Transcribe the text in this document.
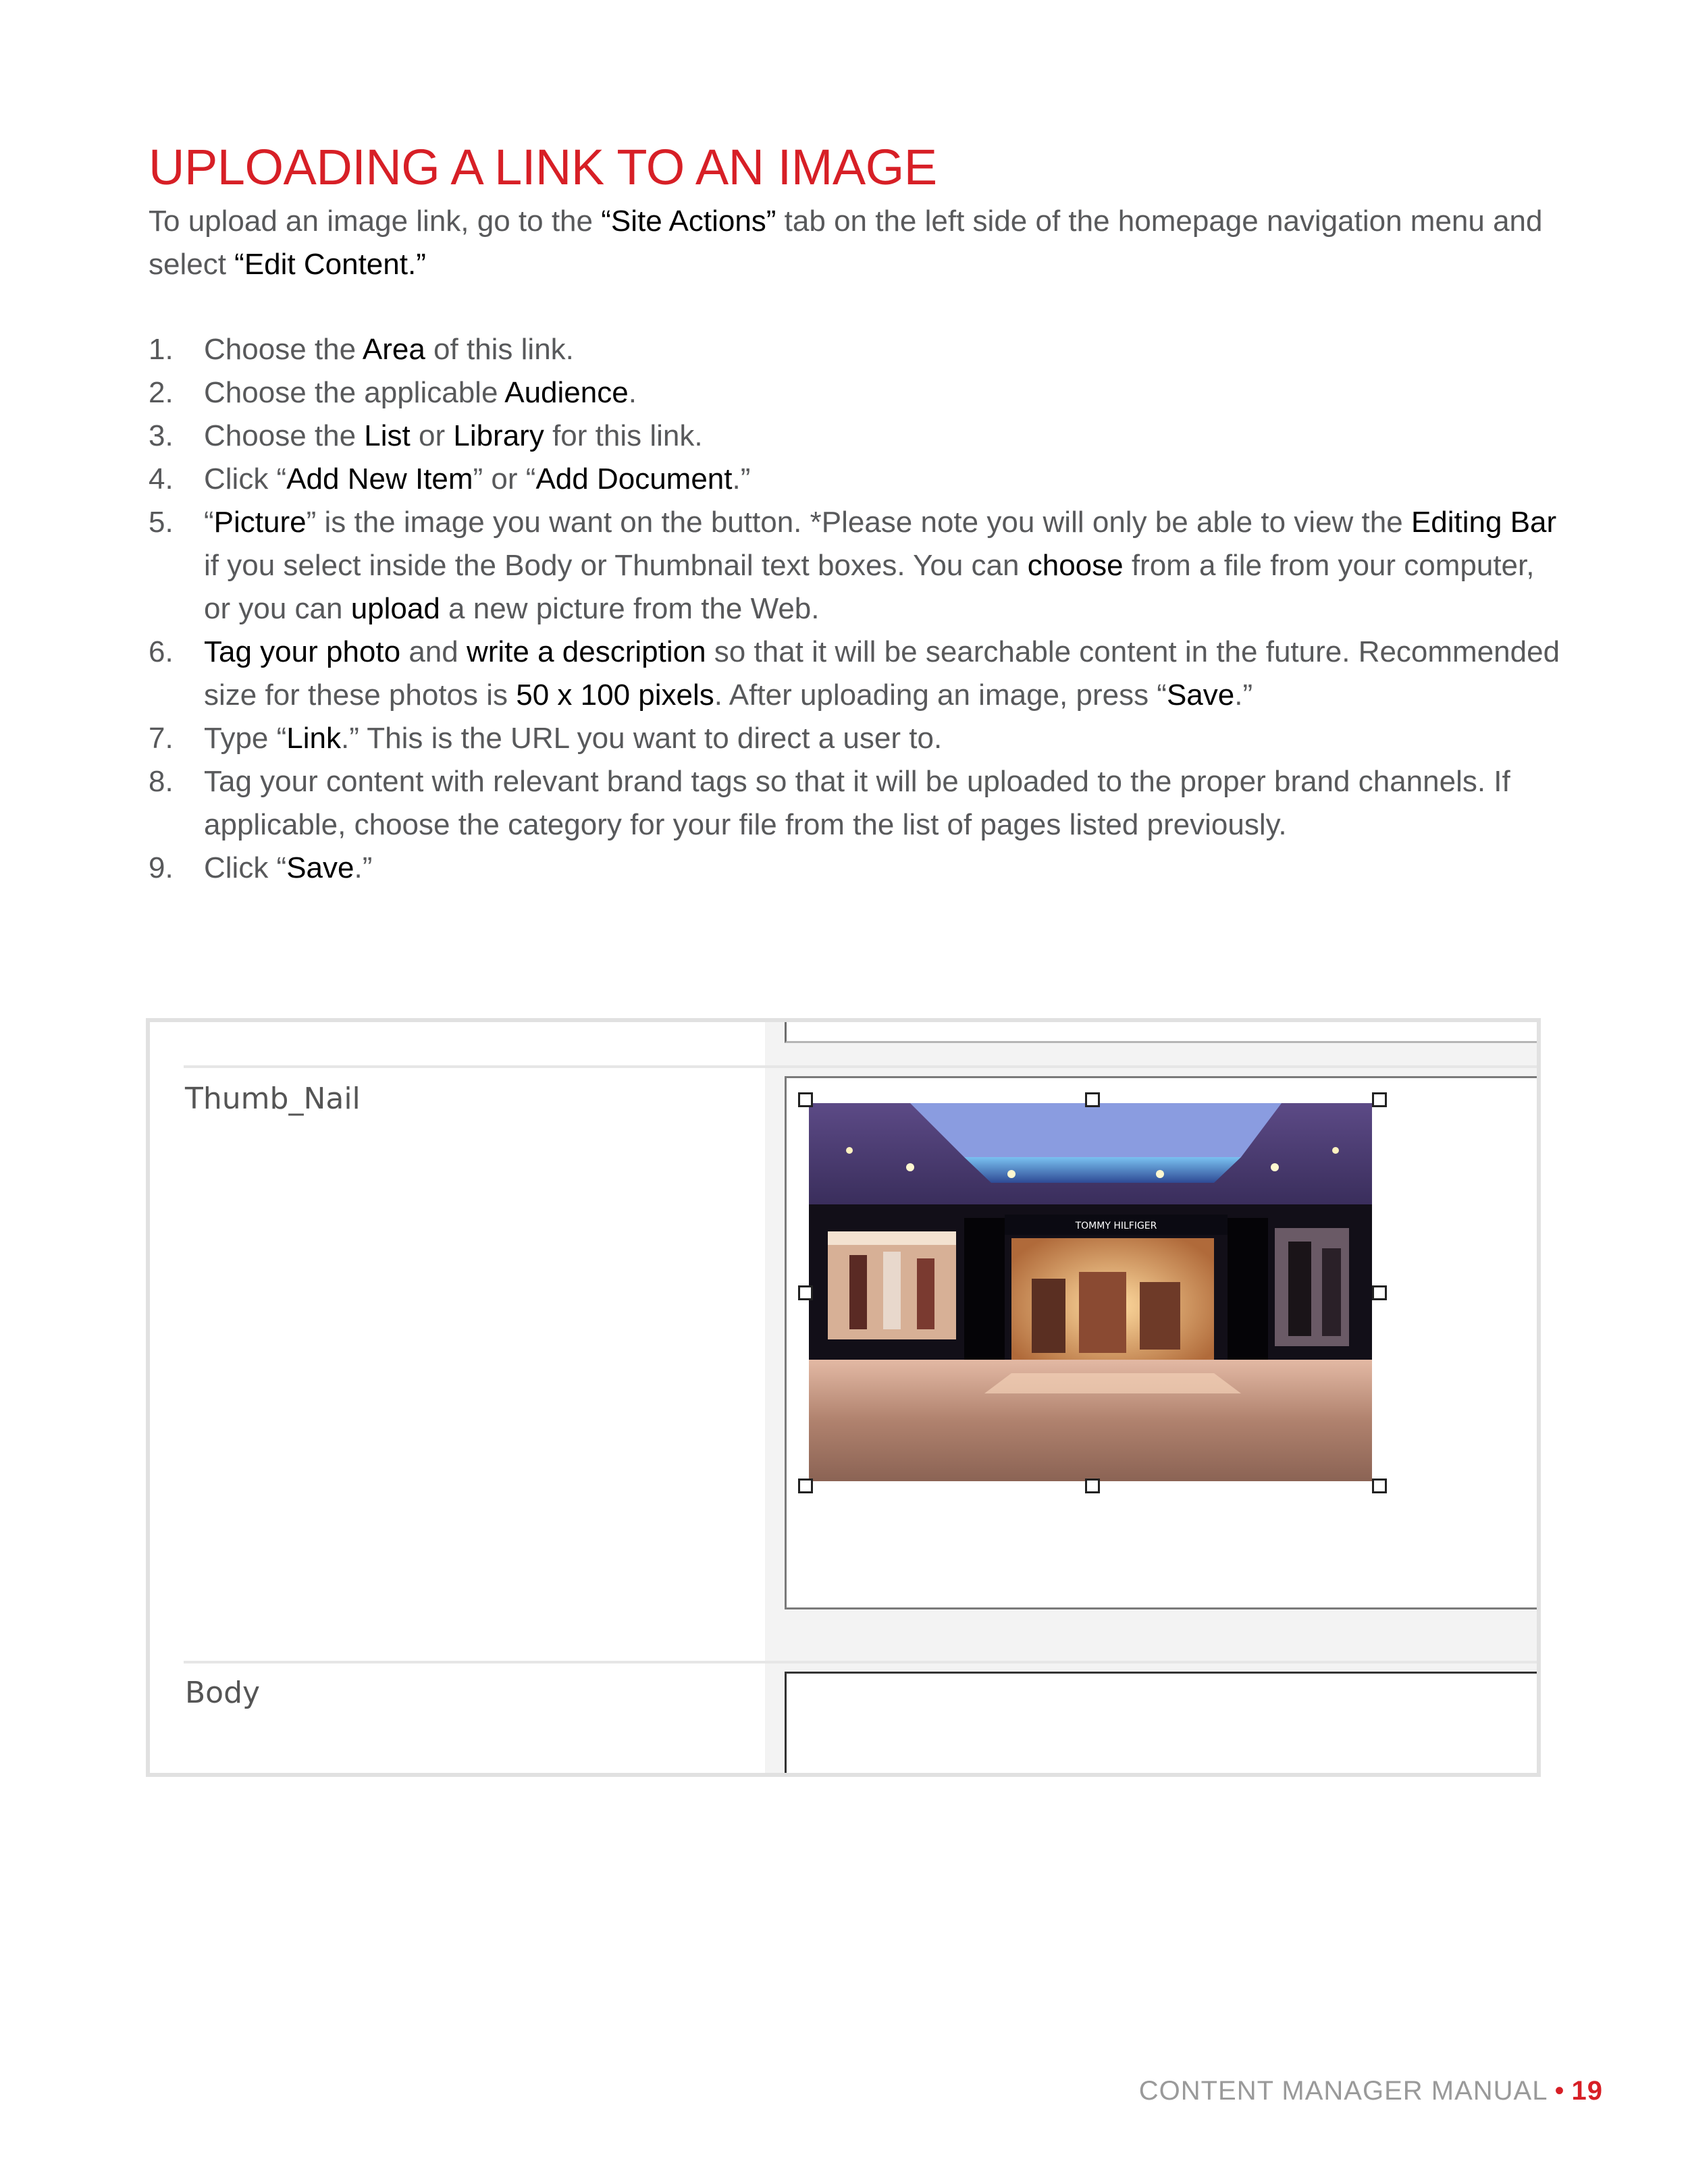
UPLOADING A LINK TO AN IMAGE

To upload an image link, go to the “Site Actions” tab on the left side of the homepage navigation menu and select “Edit Content.”

1. Choose the Area of this link.
2. Choose the applicable Audience.
3. Choose the List or Library for this link.
4. Click “Add New Item” or “Add Document.”
5. “Picture” is the image you want on the button. *Please note you will only be able to view the Editing Bar if you select inside the Body or Thumbnail text boxes. You can choose from a file from your computer, or you can upload a new picture from the Web.
6. Tag your photo and write a description so that it will be searchable content in the future. Recommended size for these photos is 50 x 100 pixels. After uploading an image, press “Save.”
7. Type “Link.” This is the URL you want to direct a user to.
8. Tag your content with relevant brand tags so that it will be uploaded to the proper brand channels. If applicable, choose the category for your file from the list of pages listed previously.
9. Click “Save.”
Thumb_Nail
TOMMY HILFIGER
Body
CONTENT MANAGER MANUAL • 19
